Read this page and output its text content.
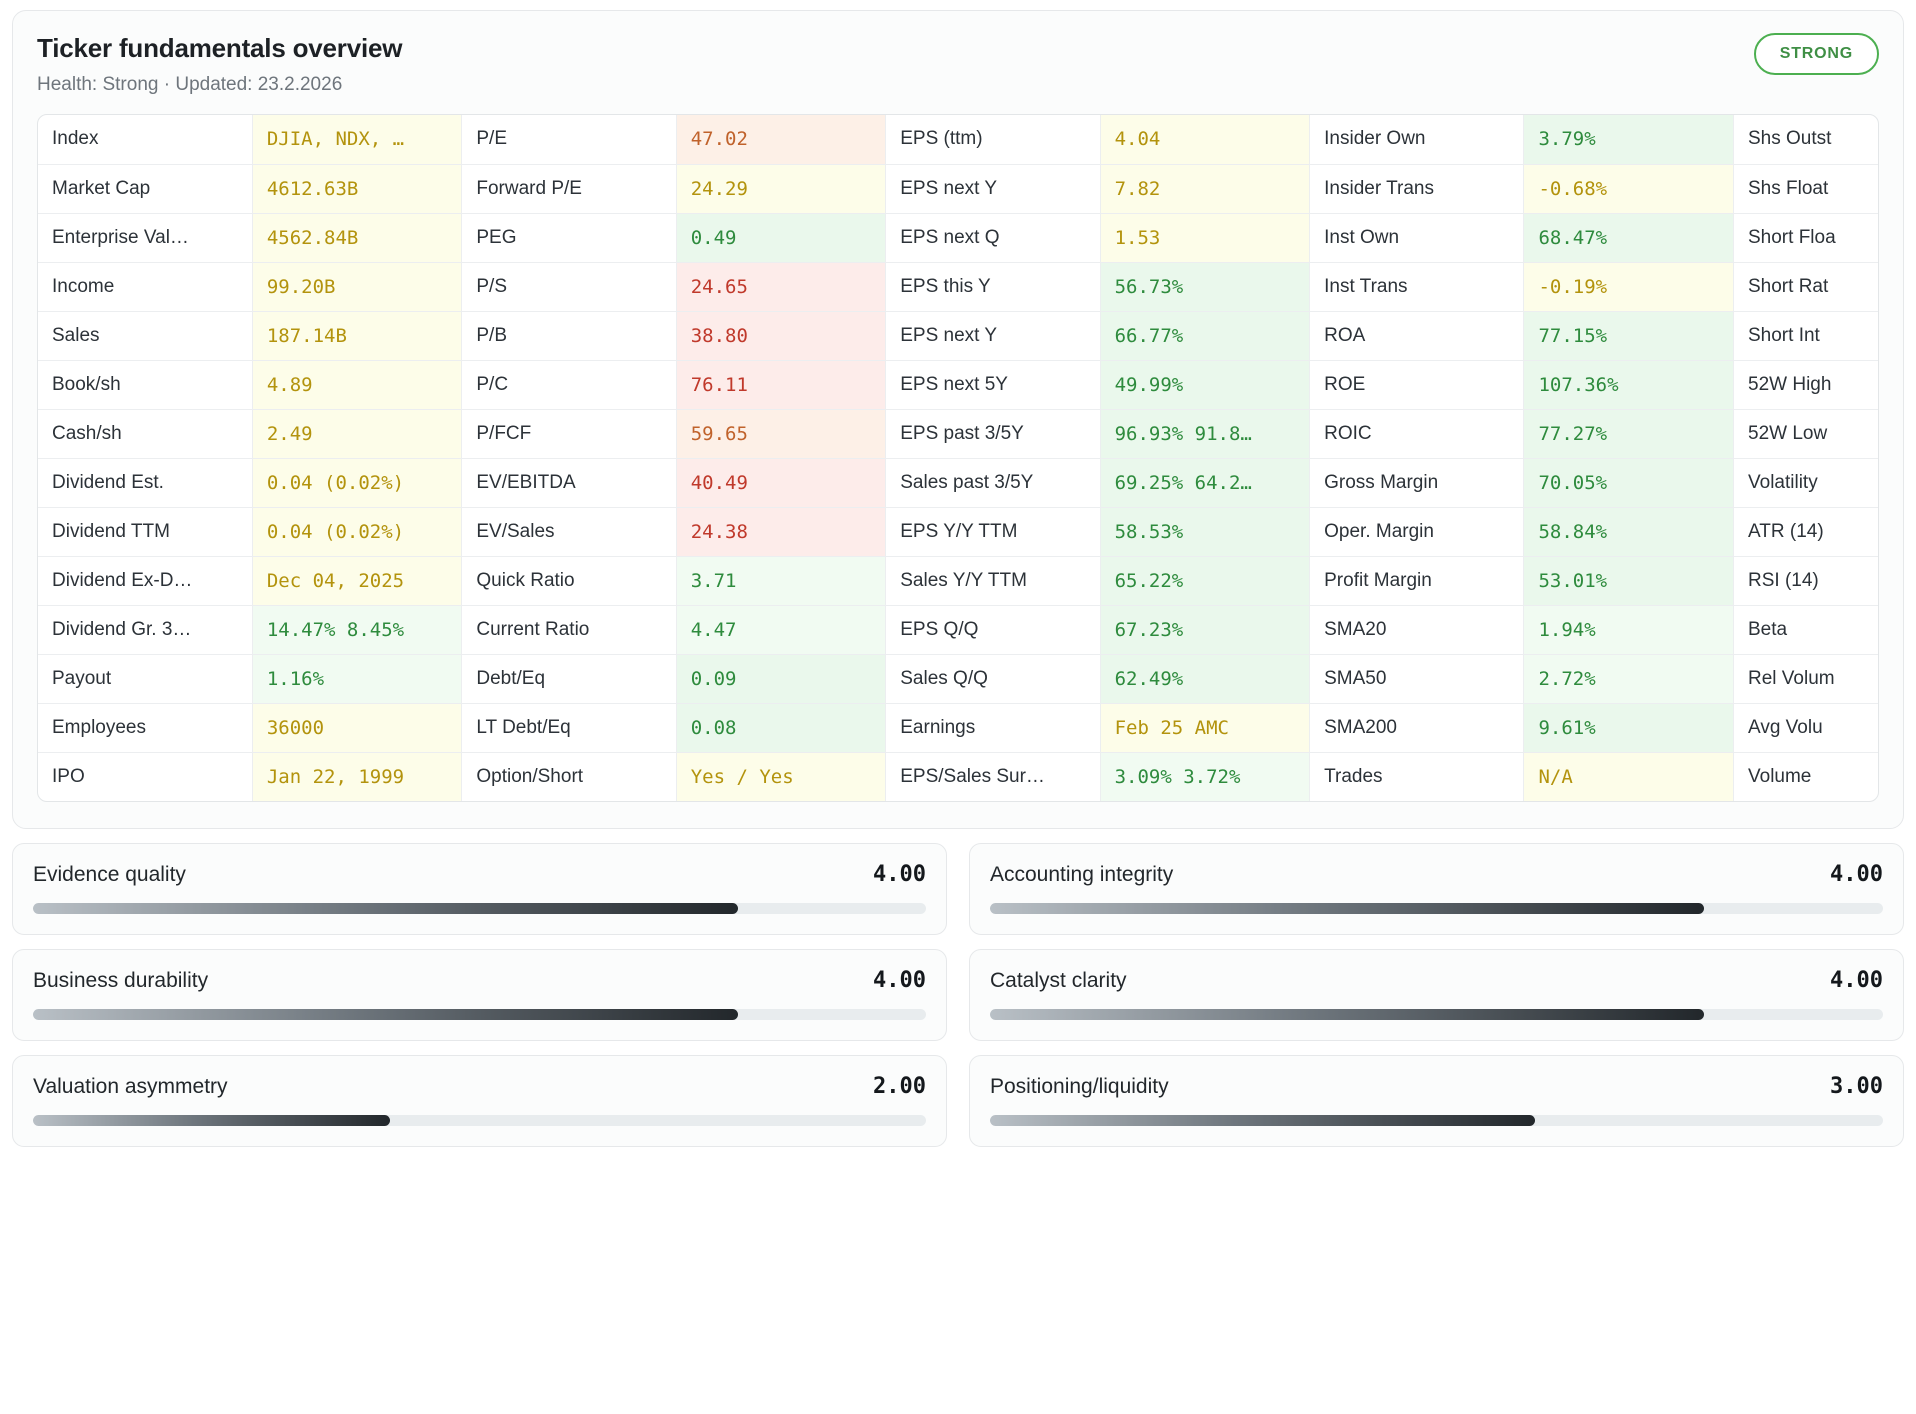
Ticker fundamentals overview
Health: Strong · Updated: 23.2.2026
STRONG
Index	DJIA, NDX, …	P/E	47.02	EPS (ttm)	4.04	Insider Own	3.79%	Shs Outst	
Market Cap	4612.63B	Forward P/E	24.29	EPS next Y	7.82	Insider Trans	-0.68%	Shs Float	
Enterprise Val…	4562.84B	PEG	0.49	EPS next Q	1.53	Inst Own	68.47%	Short Floa	
Income	99.20B	P/S	24.65	EPS this Y	56.73%	Inst Trans	-0.19%	Short Rat	
Sales	187.14B	P/B	38.80	EPS next Y	66.77%	ROA	77.15%	Short Int	
Book/sh	4.89	P/C	76.11	EPS next 5Y	49.99%	ROE	107.36%	52W High	
Cash/sh	2.49	P/FCF	59.65	EPS past 3/5Y	96.93% 91.8…	ROIC	77.27%	52W Low	
Dividend Est.	0.04 (0.02%)	EV/EBITDA	40.49	Sales past 3/5Y	69.25% 64.2…	Gross Margin	70.05%	Volatility	
Dividend TTM	0.04 (0.02%)	EV/Sales	24.38	EPS Y/Y TTM	58.53%	Oper. Margin	58.84%	ATR (14)	
Dividend Ex-D…	Dec 04, 2025	Quick Ratio	3.71	Sales Y/Y TTM	65.22%	Profit Margin	53.01%	RSI (14)	
Dividend Gr. 3…	14.47% 8.45%	Current Ratio	4.47	EPS Q/Q	67.23%	SMA20	1.94%	Beta	
Payout	1.16%	Debt/Eq	0.09	Sales Q/Q	62.49%	SMA50	2.72%	Rel Volum	
Employees	36000	LT Debt/Eq	0.08	Earnings	Feb 25 AMC	SMA200	9.61%	Avg Volu	
IPO	Jan 22, 1999	Option/Short	Yes / Yes	EPS/Sales Sur…	3.09% 3.72%	Trades	N/A	Volume	
Evidence quality	4.00	Accounting integrity	4.00
Business durability	4.00	Catalyst clarity	4.00
Valuation asymmetry	2.00	Positioning/liquidity	3.00
